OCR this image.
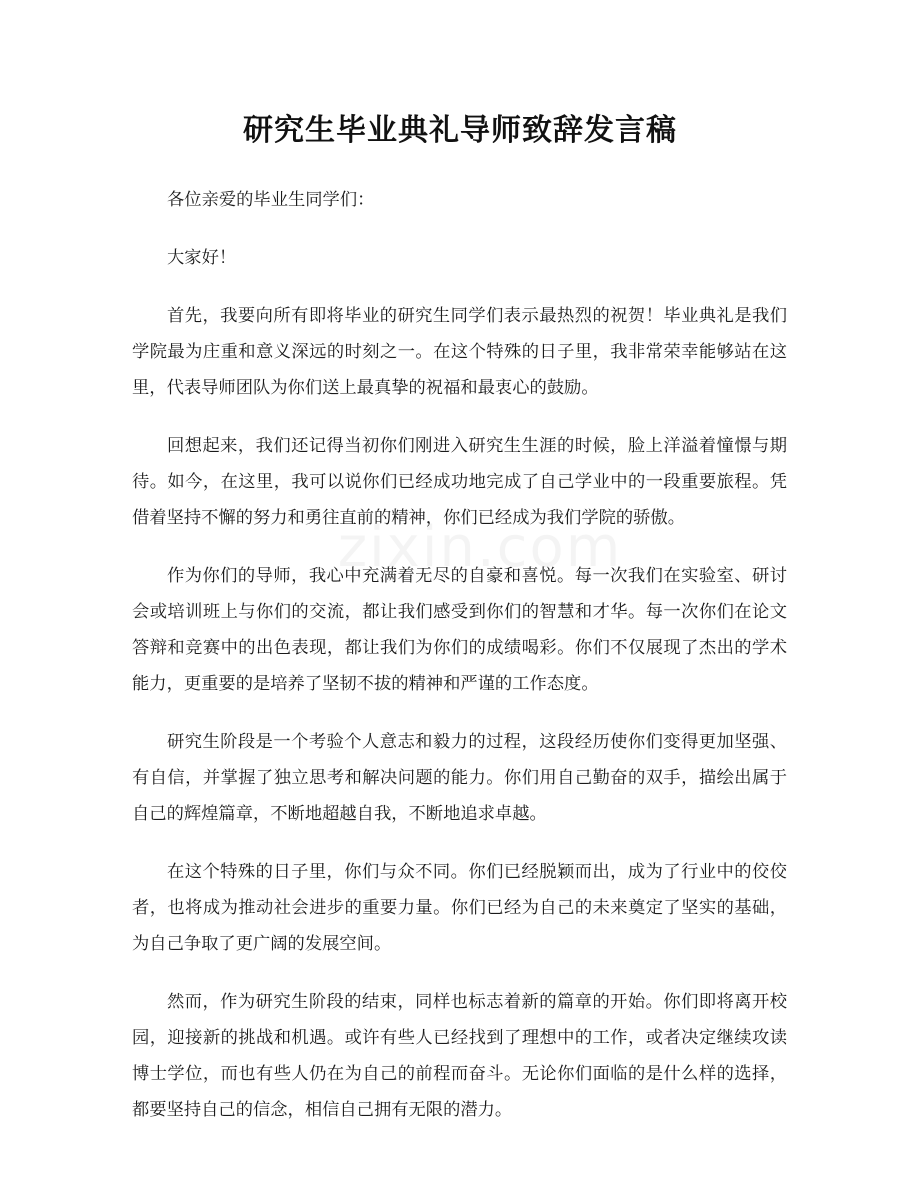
研究生毕业典礼导师致辞发言稿

各位亲爱的毕业生同学们：

大家好！

首先，我要向所有即将毕业的研究生同学们表示最热烈的祝贺！毕业典礼是我们学院最为庄重和意义深远的时刻之一。在这个特殊的日子里，我非常荣幸能够站在这里，代表导师团队为你们送上最真挚的祝福和最衷心的鼓励。

回想起来，我们还记得当初你们刚进入研究生生涯的时候，脸上洋溢着憧憬与期待。如今，在这里，我可以说你们已经成功地完成了自己学业中的一段重要旅程。凭借着坚持不懈的努力和勇往直前的精神，你们已经成为我们学院的骄傲。

作为你们的导师，我心中充满着无尽的自豪和喜悦。每一次我们在实验室、研讨会或培训班上与你们的交流，都让我们感受到你们的智慧和才华。每一次你们在论文答辩和竞赛中的出色表现，都让我们为你们的成绩喝彩。你们不仅展现了杰出的学术能力，更重要的是培养了坚韧不拔的精神和严谨的工作态度。

研究生阶段是一个考验个人意志和毅力的过程，这段经历使你们变得更加坚强、有自信，并掌握了独立思考和解决问题的能力。你们用自己勤奋的双手，描绘出属于自己的辉煌篇章，不断地超越自我，不断地追求卓越。

在这个特殊的日子里，你们与众不同。你们已经脱颖而出，成为了行业中的佼佼者，也将成为推动社会进步的重要力量。你们已经为自己的未来奠定了坚实的基础，为自己争取了更广阔的发展空间。

然而，作为研究生阶段的结束，同样也标志着新的篇章的开始。你们即将离开校园，迎接新的挑战和机遇。或许有些人已经找到了理想中的工作，或者决定继续攻读博士学位，而也有些人仍在为自己的前程而奋斗。无论你们面临的是什么样的选择，都要坚持自己的信念，相信自己拥有无限的潜力。
